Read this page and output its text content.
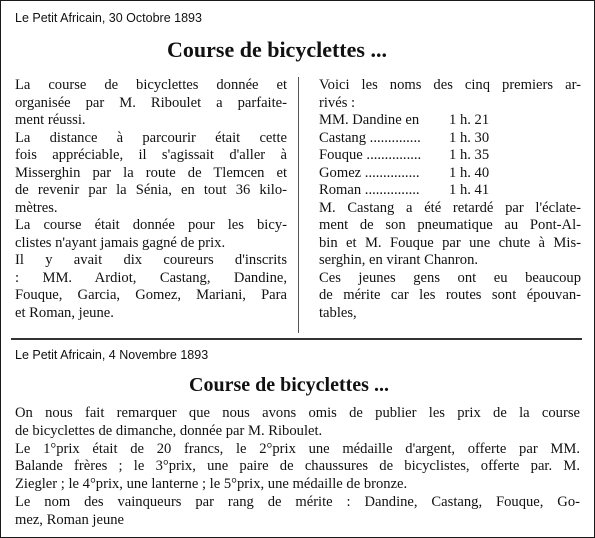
Le Petit Africain, 30 Octobre 1893
Course de bicyclettes ...
La course de bicyclettes donnée et
organisée par M. Riboulet a parfaite-
ment réussi.
La distance à parcourir était cette
fois appréciable, il s'agissait d'aller à
Misserghin par la route de Tlemcen et
de revenir par la Sénia, en tout 36 kilo-
mètres.
La course était donnée pour les bicy-
clistes n'ayant jamais gagné de prix.
Il y avait dix coureurs d'inscrits
: MM. Ardiot, Castang, Dandine,
Fouque, Garcia, Gomez, Mariani, Para
et Roman, jeune.
Voici les noms des cinq premiers ar-
rivés :
MM. Dandine en 1 h. 21
Castang .............. 1 h. 30
Fouque ............... 1 h. 35
Gomez ............... 1 h. 40
Roman ............... 1 h. 41
M. Castang a été retardé par l'éclate-
ment de son pneumatique au Pont-Al-
bin et M. Fouque par une chute à Mis-
serghin, en virant Chanron.
Ces jeunes gens ont eu beaucoup
de mérite car les routes sont épouvan-
tables,
Le Petit Africain, 4 Novembre 1893
Course de bicyclettes ...
On nous fait remarquer que nous avons omis de publier les prix de la course
de bicyclettes de dimanche, donnée par M. Riboulet.
Le 1°prix était de 20 francs, le 2°prix une médaille d'argent, offerte par MM.
Balande frères ; le 3°prix, une paire de chaussures de bicyclistes, offerte par. M.
Ziegler ; le 4°prix, une lanterne ; le 5°prix, une médaille de bronze.
Le nom des vainqueurs par rang de mérite : Dandine, Castang, Fouque, Go-
mez, Roman jeune
